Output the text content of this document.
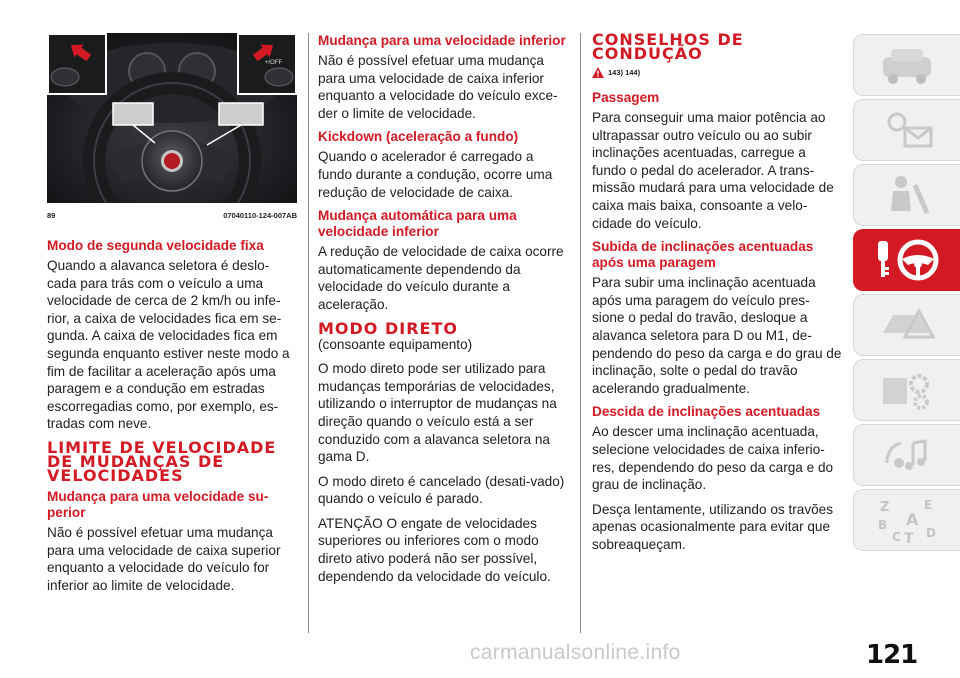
+/OFF
89	07040110-124-007AB
Modo de segunda velocidade fixa

Quando a alavanca seletora é deslo-cada para trás com o veículo a uma velocidade de cerca de 2 km/h ou infe-rior, a caixa de velocidades fica em se-gunda. A caixa de velocidades fica em segunda enquanto estiver neste modo a fim de facilitar a aceleração após uma paragem e a condução em estradas escorregadias como, por exemplo, es-tradas com neve.

LIMITE DE VELOCIDADE DE MUDANÇAS DE VELOCIDADES
Mudança para uma velocidade su-perior

Não é possível efetuar uma mudança para uma velocidade de caixa superior enquanto a velocidade do veículo for inferior ao limite de velocidade.

Mudança para uma velocidade inferior

Não é possível efetuar uma mudança para uma velocidade de caixa inferior enquanto a velocidade do veículo exce-der o limite de velocidade.

Kickdown (aceleração a fundo)

Quando o acelerador é carregado a fundo durante a condução, ocorre uma redução de velocidade de caixa.

Mudança automática para uma velocidade inferior

A redução de velocidade de caixa ocorre automaticamente dependendo da velocidade do veículo durante a aceleração.

MODO DIRETO

(consoante equipamento)

O modo direto pode ser utilizado para mudanças temporárias de velocidades, utilizando o interruptor de mudanças na direção quando o veículo está a ser conduzido com a alavanca seletora na gama D.

O modo direto é cancelado (desati-vado) quando o veículo é parado.

ATENÇÃO O engate de velocidades superiores ou inferiores com o modo direto ativo poderá não ser possível, dependendo da velocidade do veículo.

CONSELHOS DE CONDUÇÃO
143) 144)
Passagem

Para conseguir uma maior potência ao ultrapassar outro veículo ou ao subir inclinações acentuadas, carregue a fundo o pedal do acelerador. A trans-missão mudará para uma velocidade de caixa mais baixa, consoante a velo-cidade do veículo.

Subida de inclinações acentuadas após uma paragem

Para subir uma inclinação acentuada após uma paragem do veículo pres-sione o pedal do travão, desloque a alavanca seletora para D ou M1, de-pendendo do peso da carga e do grau de inclinação, solte o pedal do travão acelerando gradualmente.

Descida de inclinações acentuadas

Ao descer uma inclinação acentuada, selecione velocidades de caixa inferio-res, dependendo do peso da carga e do grau de inclinação.

Desça lentamente, utilizando os travões apenas ocasionalmente para evitar que sobreaqueçam.

Z	E
A
B
C T D
carmanualsonline.info	121
